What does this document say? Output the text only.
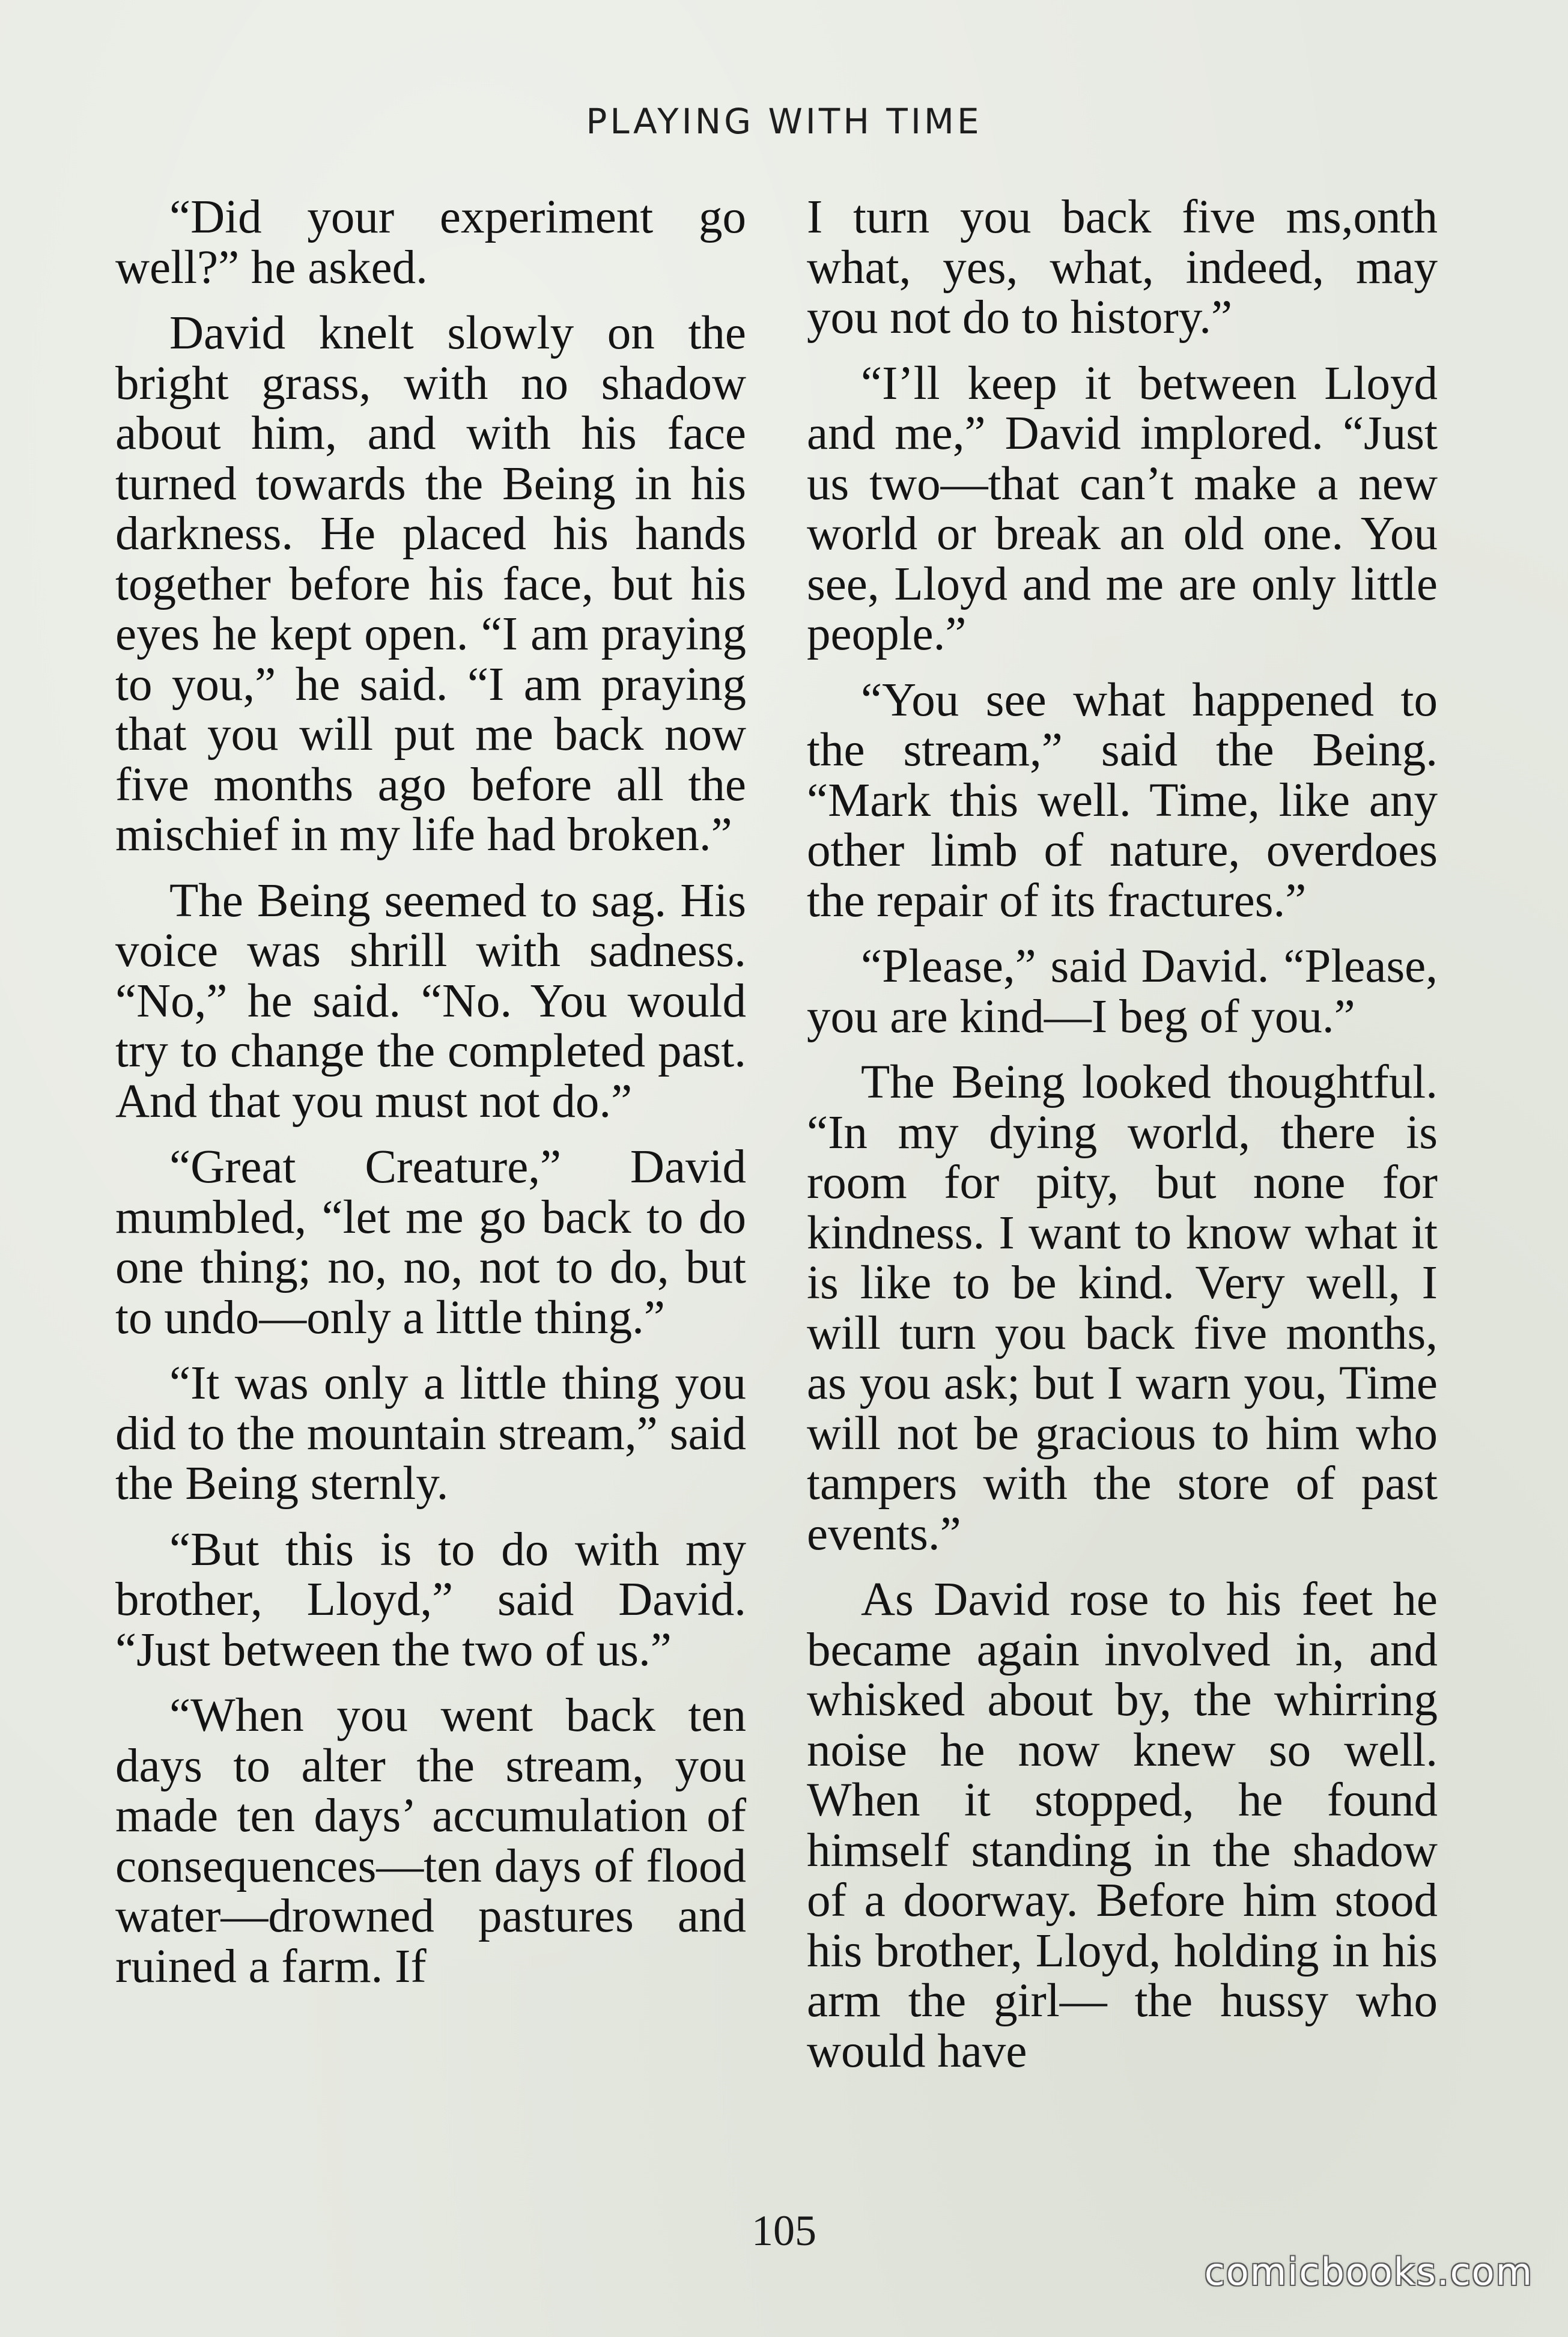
PLAYING WITH TIME

“Did your experiment go well?” he asked.

David knelt slowly on the bright grass, with no shadow about him, and with his face turned towards the Being in his darkness. He placed his hands together before his face, but his eyes he kept open. “I am praying to you,” he said. “I am praying that you will put me back now five months ago before all the mischief in my life had broken.”

The Being seemed to sag. His voice was shrill with sadness. “No,” he said. “No. You would try to change the completed past. And that you must not do.”

“Great Creature,” David mumbled, “let me go back to do one thing; no, no, not to do, but to undo—only a little thing.”

“It was only a little thing you did to the mountain stream,” said the Being sternly.

“But this is to do with my brother, Lloyd,” said David. “Just between the two of us.”

“When you went back ten days to alter the stream, you made ten days’ accumulation of consequences—ten days of flood water—drowned pastures and ruined a farm. If

I turn you back five ms,onth what, yes, what, indeed, may you not do to history.”

“I’ll keep it between Lloyd and me,” David implored. “Just us two—that can’t make a new world or break an old one. You see, Lloyd and me are only little people.”

“You see what happened to the stream,” said the Being. “Mark this well. Time, like any other limb of nature, overdoes the repair of its fractures.”

“Please,” said David. “Please, you are kind—I beg of you.”

The Being looked thoughtful. “In my dying world, there is room for pity, but none for kindness. I want to know what it is like to be kind. Very well, I will turn you back five months, as you ask; but I warn you, Time will not be gracious to him who tampers with the store of past events.”

As David rose to his feet he became again involved in, and whisked about by, the whirring noise he now knew so well. When it stopped, he found himself standing in the shadow of a doorway. Before him stood his brother, Lloyd, holding in his arm the girl— the hussy who would have

105
comicbooks.com
